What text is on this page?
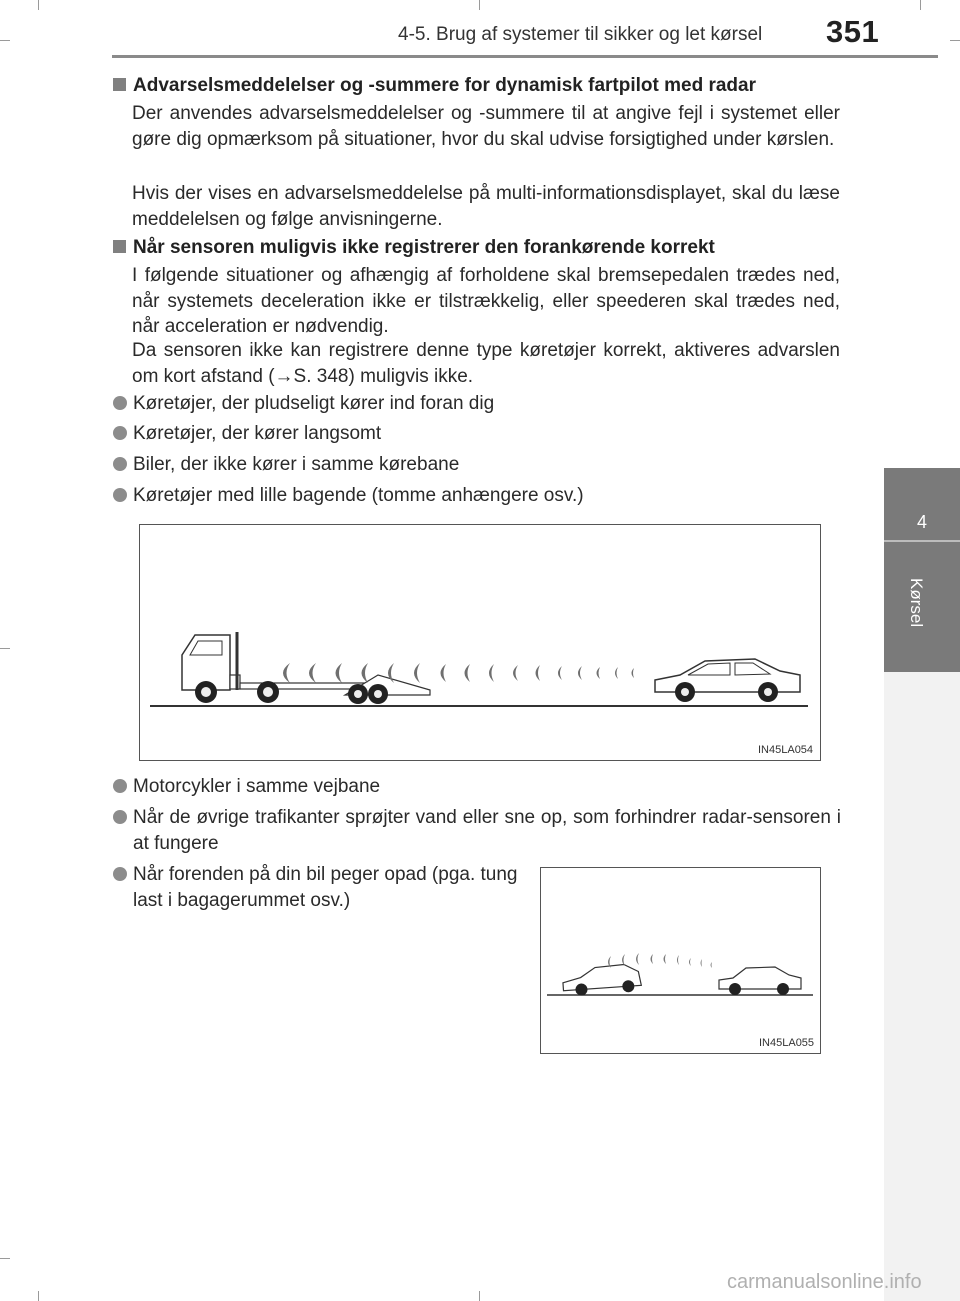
4-5. Brug af systemer til sikker og let kørsel 351
4
Kørsel
Advarselsmeddelelser og -summere for dynamisk fartpilot med radar
Der anvendes advarselsmeddelelser og -summere til at angive fejl i systemet eller gøre dig opmærksom på situationer, hvor du skal udvise forsigtighed under kørslen.
Hvis der vises en advarselsmeddelelse på multi-informationsdisplayet, skal du læse meddelelsen og følge anvisningerne.
Når sensoren muligvis ikke registrerer den forankørende korrekt
I følgende situationer og afhængig af forholdene skal bremsepedalen trædes ned, når systemets deceleration ikke er tilstrækkelig, eller speederen skal trædes ned, når acceleration er nødvendig.
Da sensoren ikke kan registrere denne type køretøjer korrekt, aktiveres advarslen om kort afstand (→S. 348) muligvis ikke.
Køretøjer, der pludseligt kører ind foran dig
Køretøjer, der kører langsomt
Biler, der ikke kører i samme kørebane
Køretøjer med lille bagende (tomme anhængere osv.)
IN45LA054
Motorcykler i samme vejbane
Når de øvrige trafikanter sprøjter vand eller sne op, som forhindrer radar-sensoren i at fungere
Når forenden på din bil peger opad (pga. tung last i bagagerummet osv.)
IN45LA055
carmanualsonline.info
